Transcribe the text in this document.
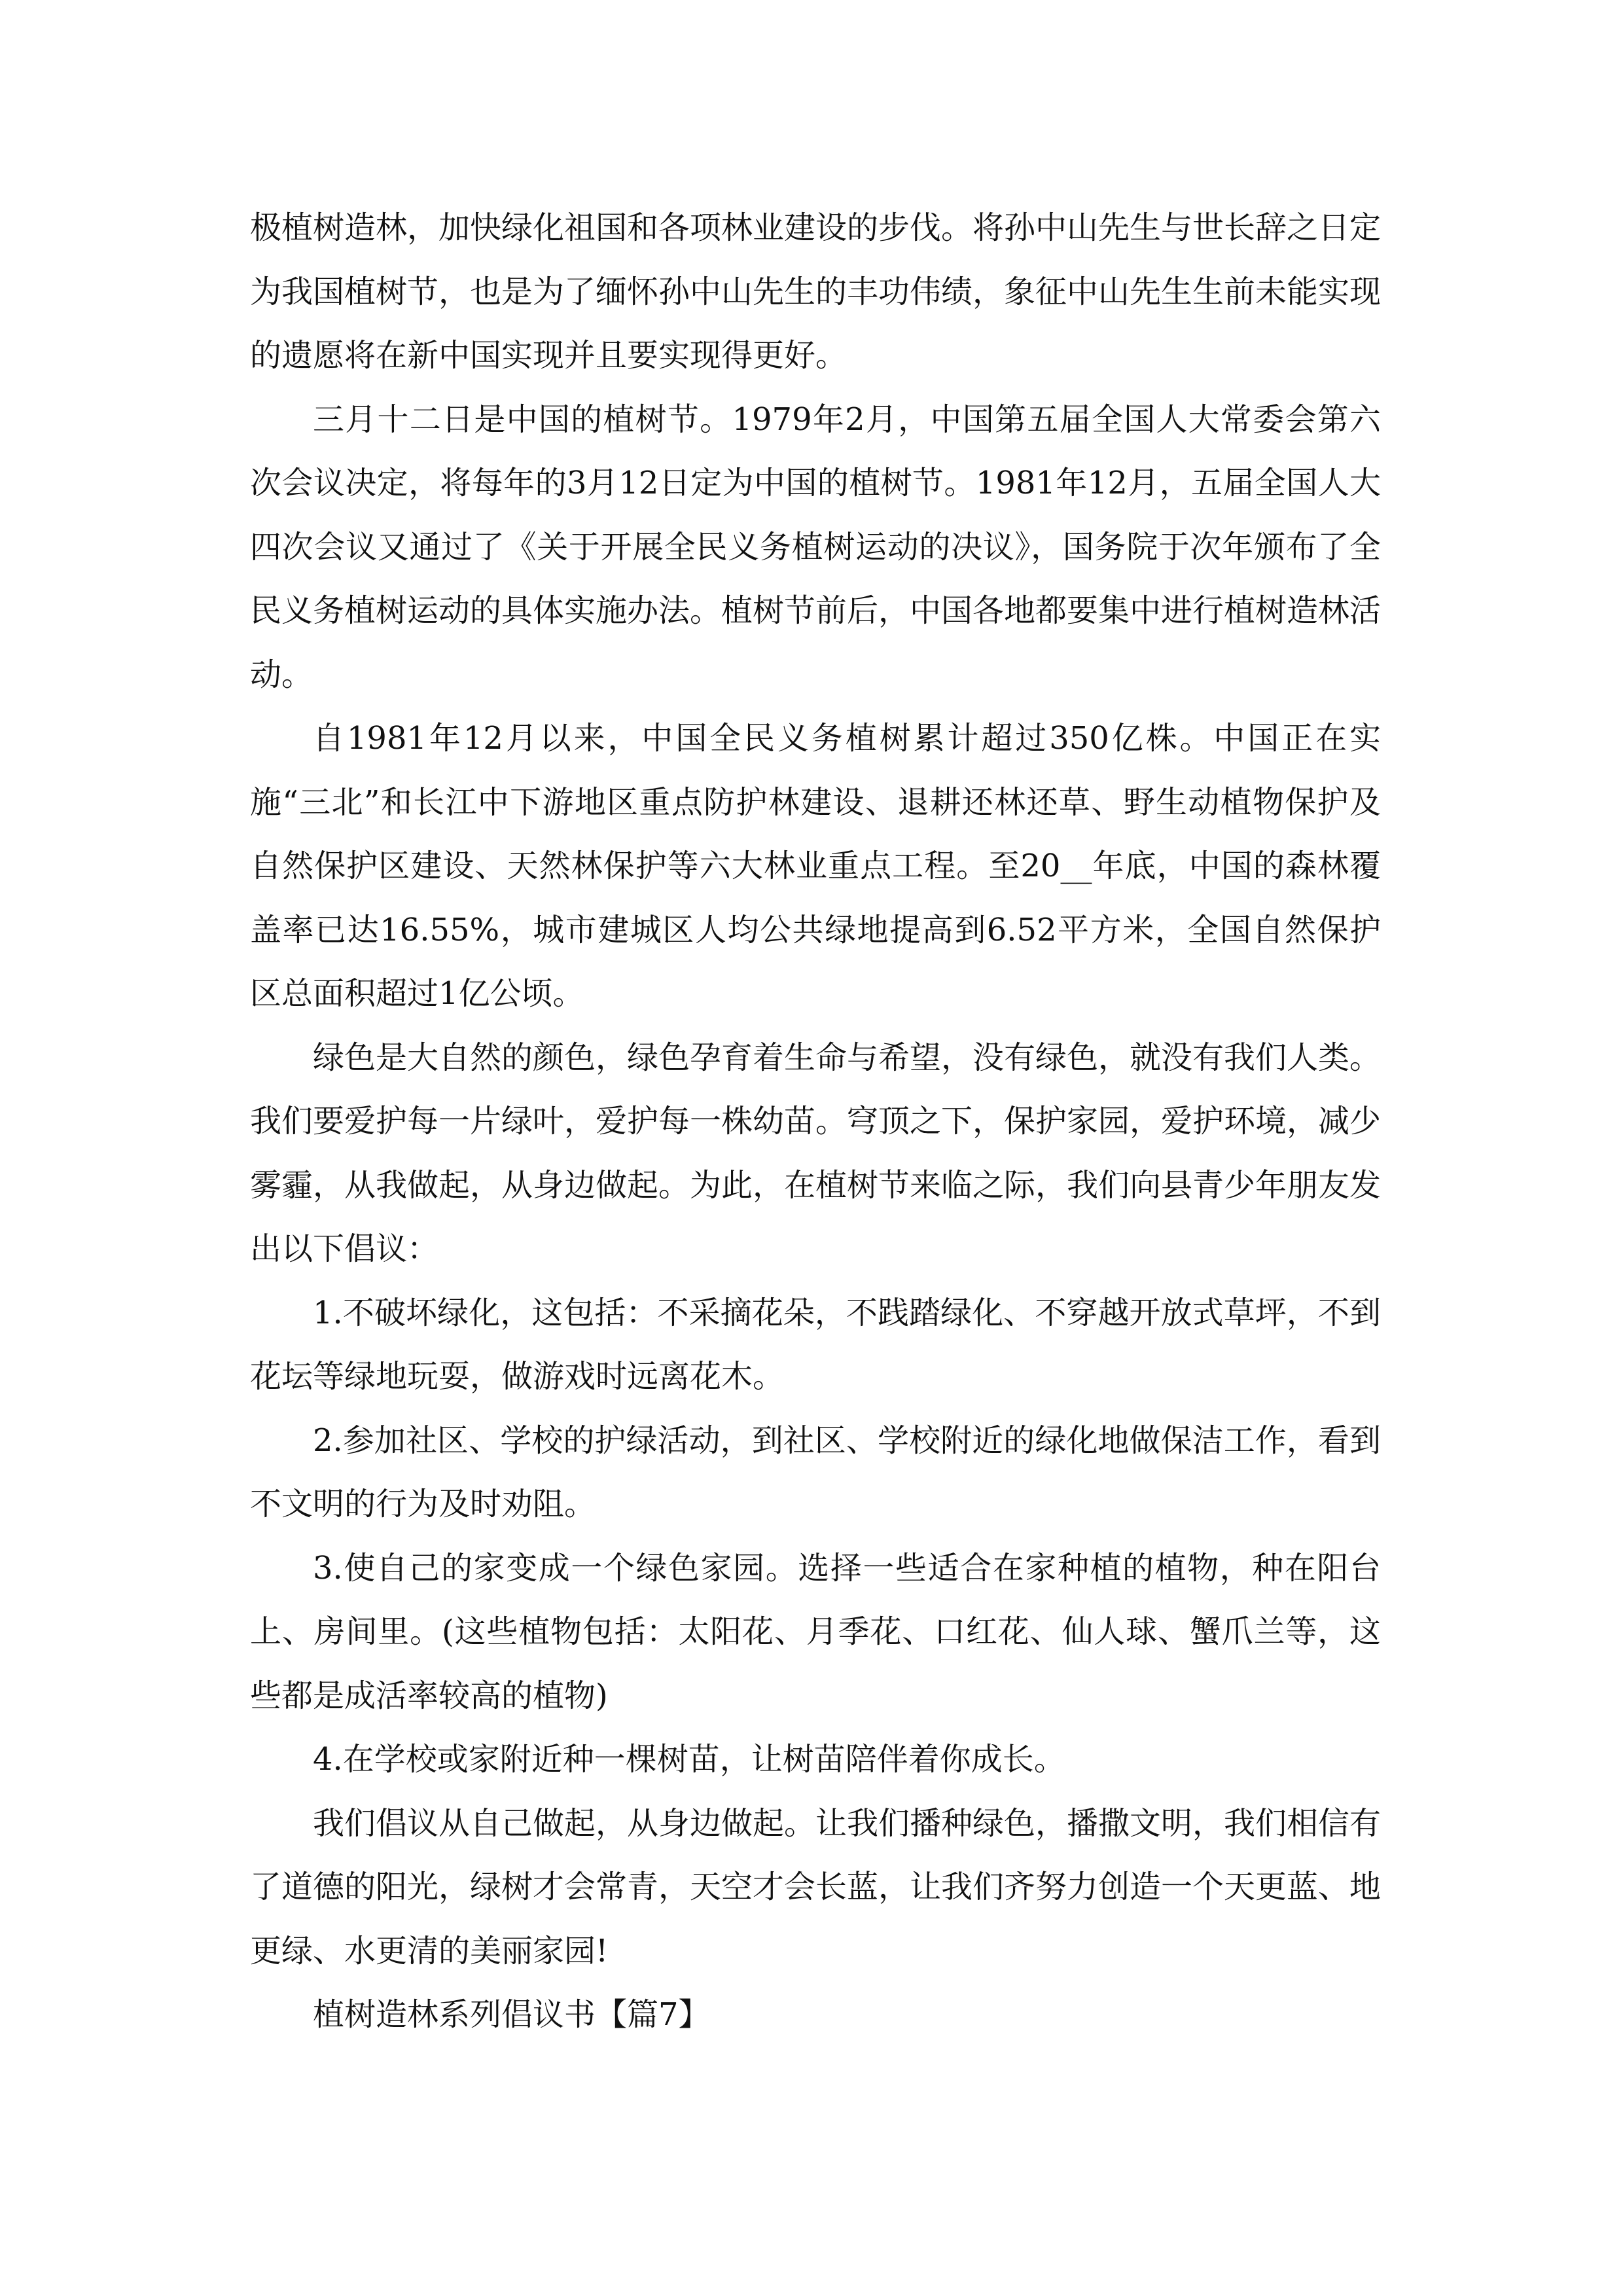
极植树造林，加快绿化祖国和各项林业建设的步伐。将孙中山先生与世长辞之日定为我国植树节，也是为了缅怀孙中山先生的丰功伟绩，象征中山先生生前未能实现的遗愿将在新中国实现并且要实现得更好。

三月十二日是中国的植树节。1979年2月，中国第五届全国人大常委会第六次会议决定，将每年的3月12日定为中国的植树节。1981年12月，五届全国人大四次会议又通过了《关于开展全民义务植树运动的决议》，国务院于次年颁布了全民义务植树运动的具体实施办法。植树节前后，中国各地都要集中进行植树造林活动。

自1981年12月以来，中国全民义务植树累计超过350亿株。中国正在实施“三北”和长江中下游地区重点防护林建设、退耕还林还草、野生动植物保护及自然保护区建设、天然林保护等六大林业重点工程。至20__年底，中国的森林覆盖率已达16.55%，城市建城区人均公共绿地提高到6.52平方米，全国自然保护区总面积超过1亿公顷。

绿色是大自然的颜色，绿色孕育着生命与希望，没有绿色，就没有我们人类。我们要爱护每一片绿叶，爱护每一株幼苗。穹顶之下，保护家园，爱护环境，减少雾霾，从我做起，从身边做起。为此，在植树节来临之际，我们向县青少年朋友发出以下倡议：

1.不破坏绿化，这包括：不采摘花朵，不践踏绿化、不穿越开放式草坪，不到花坛等绿地玩耍，做游戏时远离花木。

2.参加社区、学校的护绿活动，到社区、学校附近的绿化地做保洁工作，看到不文明的行为及时劝阻。

3.使自己的家变成一个绿色家园。选择一些适合在家种植的植物，种在阳台上、房间里。(这些植物包括：太阳花、月季花、口红花、仙人球、蟹爪兰等，这些都是成活率较高的植物)

4.在学校或家附近种一棵树苗，让树苗陪伴着你成长。

我们倡议从自己做起，从身边做起。让我们播种绿色，播撒文明，我们相信有了道德的阳光，绿树才会常青，天空才会长蓝，让我们齐努力创造一个天更蓝、地更绿、水更清的美丽家园!

植树造林系列倡议书【篇7】
